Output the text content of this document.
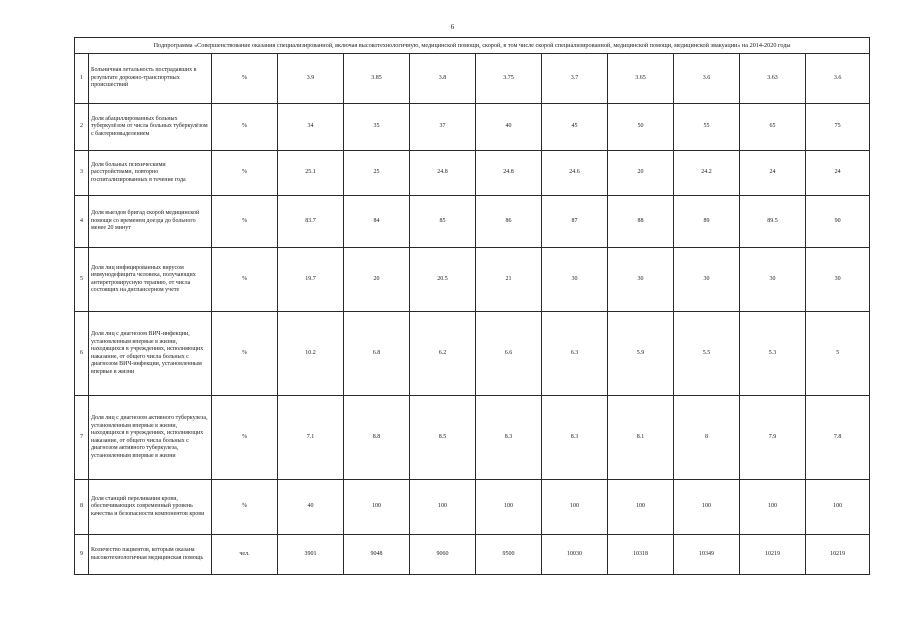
6
Подпрограмма «Совершенствование оказания специализированной, включая высокотехнологичную, медицинской помощи, скорой, в том числе скорой специализированной, медицинской помощи, медицинской эвакуации» на 2014-2020 годы											
1	Больничная летальность пострадавших в результате дорожно-транспортных происшествий	%	3.9	3.85	3.8	3.75	3.7	3.65	3.6	3.63	3.6
2	Доля абациллированных больных туберкулёзом от числа больных туберкулёзом с бактериовыделением	%	34	35	37	40	45	50	55	65	75
3	Доля больных психическими расстройствами, повторно госпитализированных в течение года	%	25.1	25	24.8	24.8	24.6	20	24.2	24	24
4	Доля выездов бригад скорой медицинской помощи со временем доезда до больного менее 20 минут	%	83.7	84	85	86	87	88	89	89.5	90
5	Доля лиц инфицированных вирусом иммунодефицита человека, получающих антиретровирусную терапию, от числа состоящих на диспансерном учете	%	19.7	20	20.5	21	30	30	30	30	30
6	Доля лиц с диагнозом ВИЧ-инфекции, установленным впервые в жизни, находящихся в учреждениях, исполняющих наказание, от общего числа больных с диагнозом ВИЧ-инфекции, установленным впервые в жизни	%	10.2	6.8	6.2	6.6	6.3	5.9	5.5	5.3	5
7	Доля лиц с диагнозом активного туберкулеза, установленным впервые в жизни, находящихся в учреждениях, исполняющих наказание, от общего числа больных с диагнозом активного туберкулеза, установленным впервые в жизни	%	7.1	8.8	8.5	8.3	8.3	8.1	8	7.9	7.8
8	Доля станций переливания крови, обеспечивающих современный уровень качества и безопасности компонентов крови	%	40	100	100	100	100	100	100	100	100
9	Количество пациентов, которым оказана высокотехнологичная медицинская помощь	чел.	3901	9048	9060	9500	10030	10318	10349	10219	10219
